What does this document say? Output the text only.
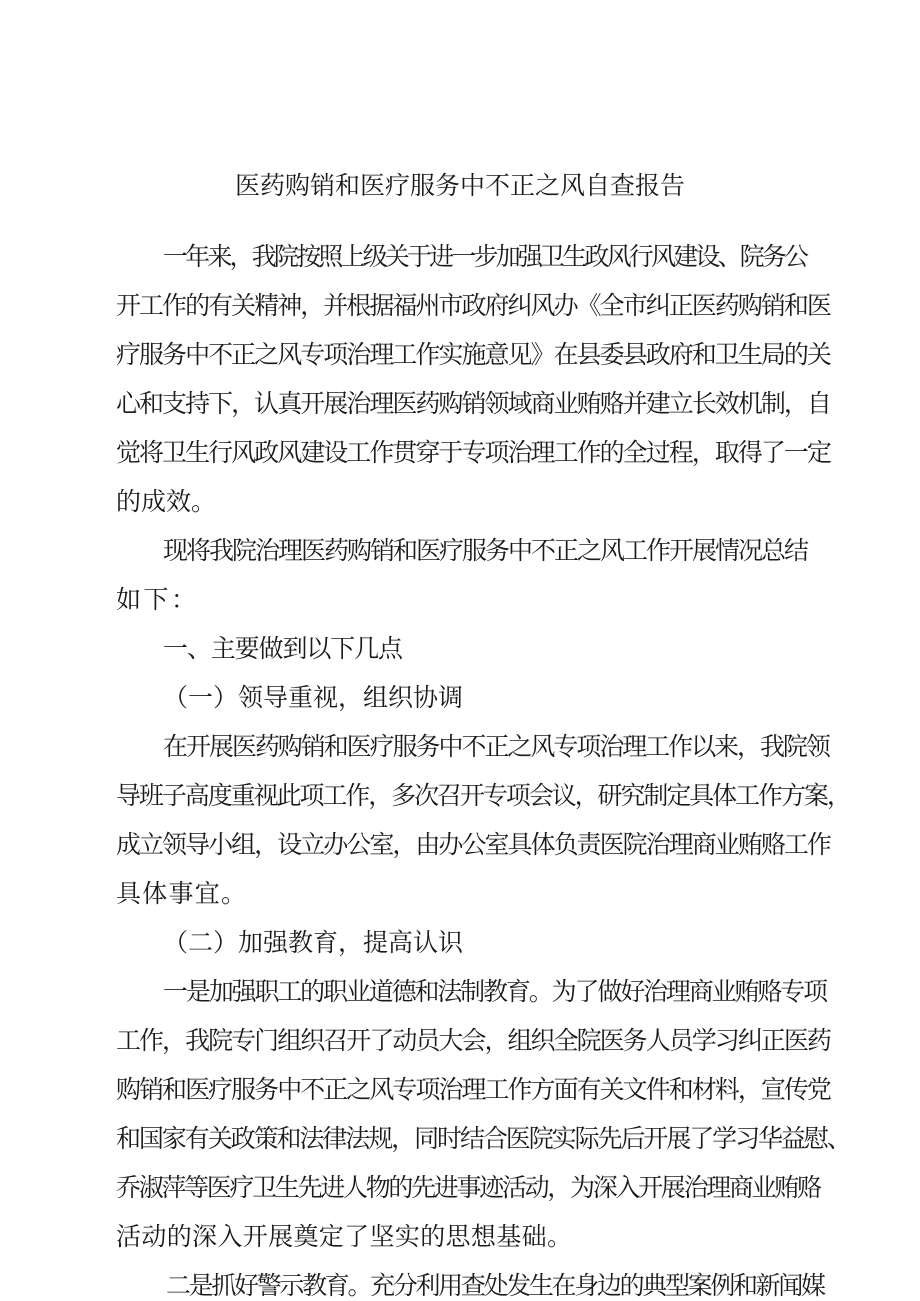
医药购销和医疗服务中不正之风自查报告
一年来，我院按照上级关于进一步加强卫生政风行风建设、院务公
开工作的有关精神，并根据福州市政府纠风办《全市纠正医药购销和医
疗服务中不正之风专项治理工作实施意见》在县委县政府和卫生局的关
心和支持下，认真开展治理医药购销领域商业贿赂并建立长效机制，自
觉将卫生行风政风建设工作贯穿于专项治理工作的全过程，取得了一定
的成效。
现将我院治理医药购销和医疗服务中不正之风工作开展情况总结
如下：
一、主要做到以下几点
（一）领导重视，组织协调
在开展医药购销和医疗服务中不正之风专项治理工作以来，我院领
导班子高度重视此项工作，多次召开专项会议，研究制定具体工作方案，
成立领导小组，设立办公室，由办公室具体负责医院治理商业贿赂工作
具体事宜。
（二）加强教育，提高认识
一是加强职工的职业道德和法制教育。为了做好治理商业贿赂专项
工作，我院专门组织召开了动员大会，组织全院医务人员学习纠正医药
购销和医疗服务中不正之风专项治理工作方面有关文件和材料，宣传党
和国家有关政策和法律法规，同时结合医院实际先后开展了学习华益慰、
乔淑萍等医疗卫生先进人物的先进事迹活动，为深入开展治理商业贿赂
活动的深入开展奠定了坚实的思想基础。
二是抓好警示教育。充分利用查处发生在身边的典型案例和新闻媒
